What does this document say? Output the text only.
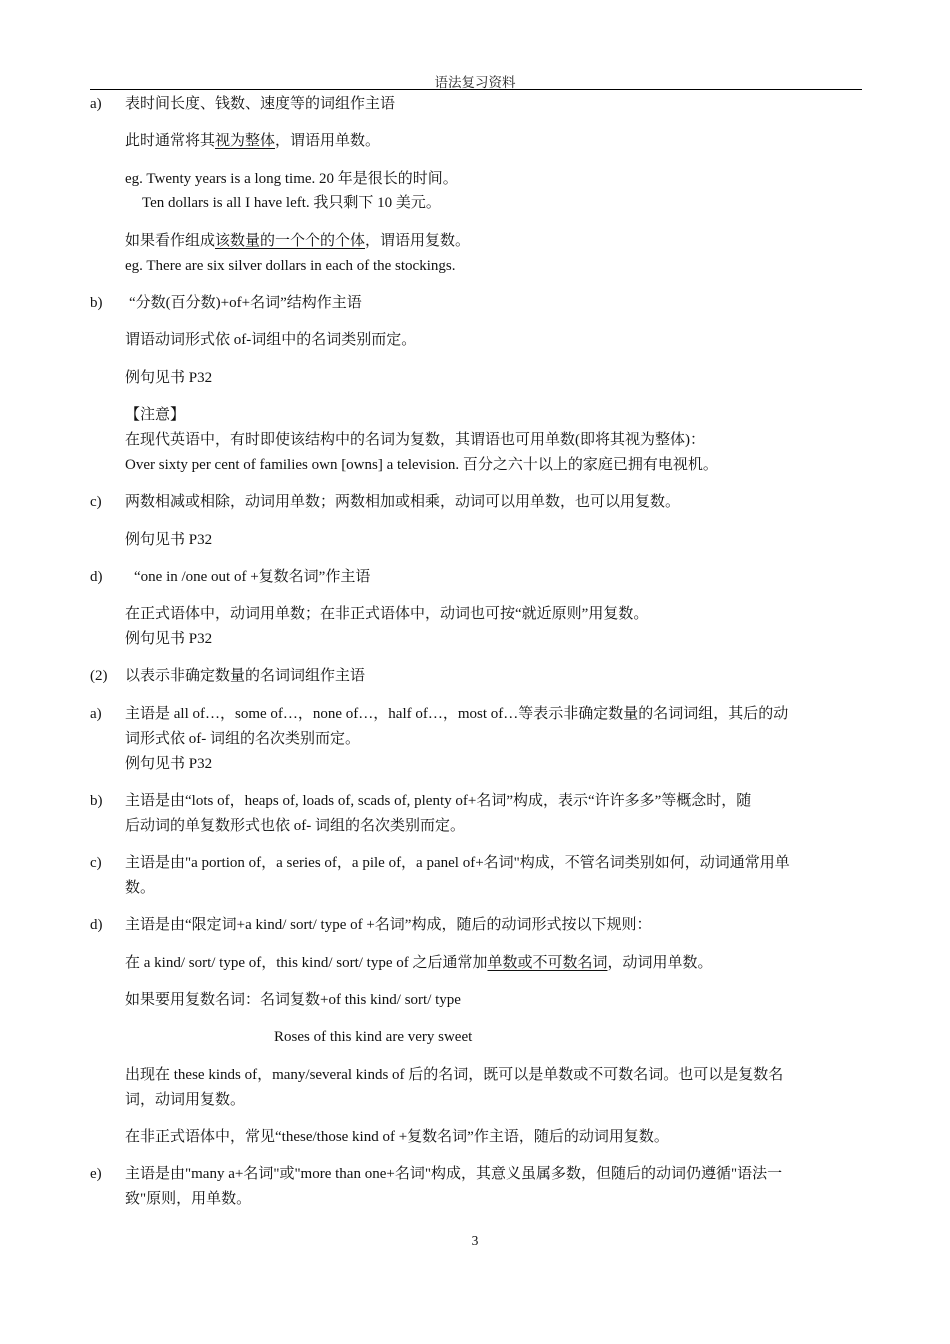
语法复习资料
a) 表时间长度、钱数、速度等的词组作主语
此时通常将其视为整体，谓语用单数。
eg. Twenty years is a long time. 20 年是很长的时间。
Ten dollars is all I have left. 我只剩下 10 美元。
如果看作组成该数量的一个个的个体，谓语用复数。
eg. There are six silver dollars in each of the stockings.
b) “分数(百分数)+of+名词”结构作主语
谓语动词形式依 of-词组中的名词类别而定。
例句见书 P32
【注意】
在现代英语中，有时即使该结构中的名词为复数，其谓语也可用单数(即将其视为整体)：
Over sixty per cent of families own [owns] a television. 百分之六十以上的家庭已拥有电视机。
c) 两数相减或相除，动词用单数；两数相加或相乘，动词可以用单数，也可以用复数。
例句见书 P32
d) “one in /one out of +复数名词”作主语
在正式语体中，动词用单数；在非正式语体中，动词也可按“就近原则”用复数。
例句见书 P32
(2) 以表示非确定数量的名词词组作主语
a) 主语是 all of…，some of…，none of…，half of…，most of…等表示非确定数量的名词词组，其后的动
词形式依 of- 词组的名次类别而定。
例句见书 P32
b) 主语是由“lots of，heaps of, loads of, scads of, plenty of+名词”构成，表示“许许多多”等概念时，随
后动词的单复数形式也依 of- 词组的名次类别而定。
c) 主语是由"a portion of，a series of，a pile of，a panel of+名词"构成，不管名词类别如何，动词通常用单
数。
d) 主语是由“限定词+a kind/ sort/ type of +名词”构成，随后的动词形式按以下规则：
在 a kind/ sort/ type of，this kind/ sort/ type of 之后通常加单数或不可数名词，动词用单数。
如果要用复数名词：名词复数+of this kind/ sort/ type
Roses of this kind are very sweet
出现在 these kinds of，many/several kinds of 后的名词，既可以是单数或不可数名词。也可以是复数名
词，动词用复数。
在非正式语体中，常见“these/those kind of +复数名词”作主语，随后的动词用复数。
e) 主语是由"many a+名词"或"more than one+名词"构成，其意义虽属多数，但随后的动词仍遵循"语法一
致"原则，用单数。
3
